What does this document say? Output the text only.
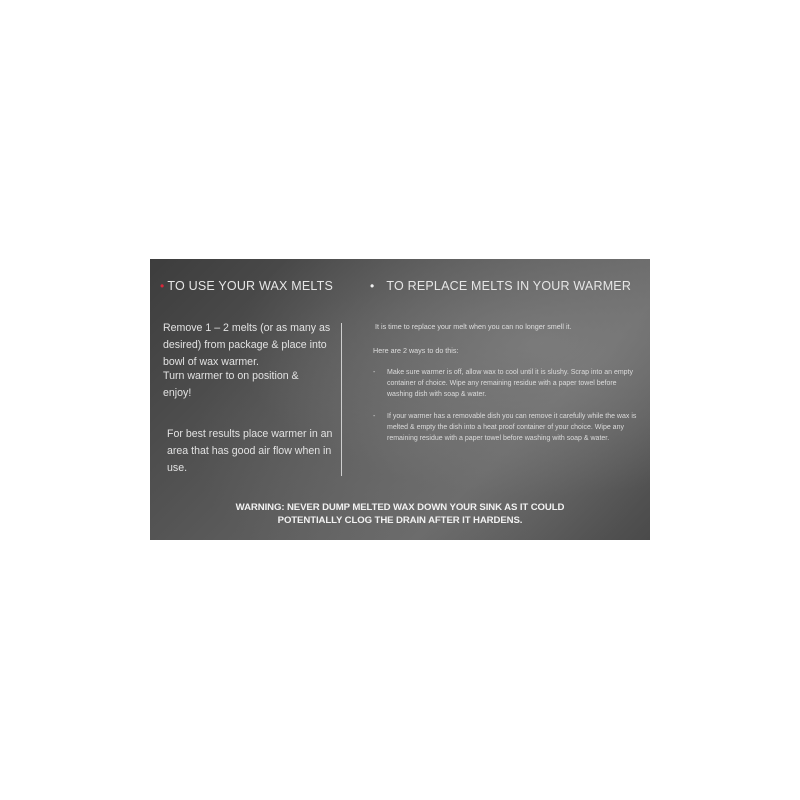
• TO USE YOUR WAX MELTS

Remove 1 – 2 melts (or as many as desired) from package & place into bowl of wax warmer.

Turn warmer to on position & enjoy!

For best results place warmer in an area that has good air flow when in use.

• TO REPLACE MELTS IN YOUR WARMER

It is time to replace your melt when you can no longer smell it.

Here are 2 ways to do this:

- Make sure warmer is off, allow wax to cool until it is slushy. Scrap into an empty container of choice. Wipe any remaining residue with a paper towel before washing dish with soap & water.
- If your warmer has a removable dish you can remove it carefully while the wax is melted & empty the dish into a heat proof container of your choice. Wipe any remaining residue with a paper towel before washing with soap & water.
WARNING: NEVER DUMP MELTED WAX DOWN YOUR SINK AS IT COULD
POTENTIALLY CLOG THE DRAIN AFTER IT HARDENS.
